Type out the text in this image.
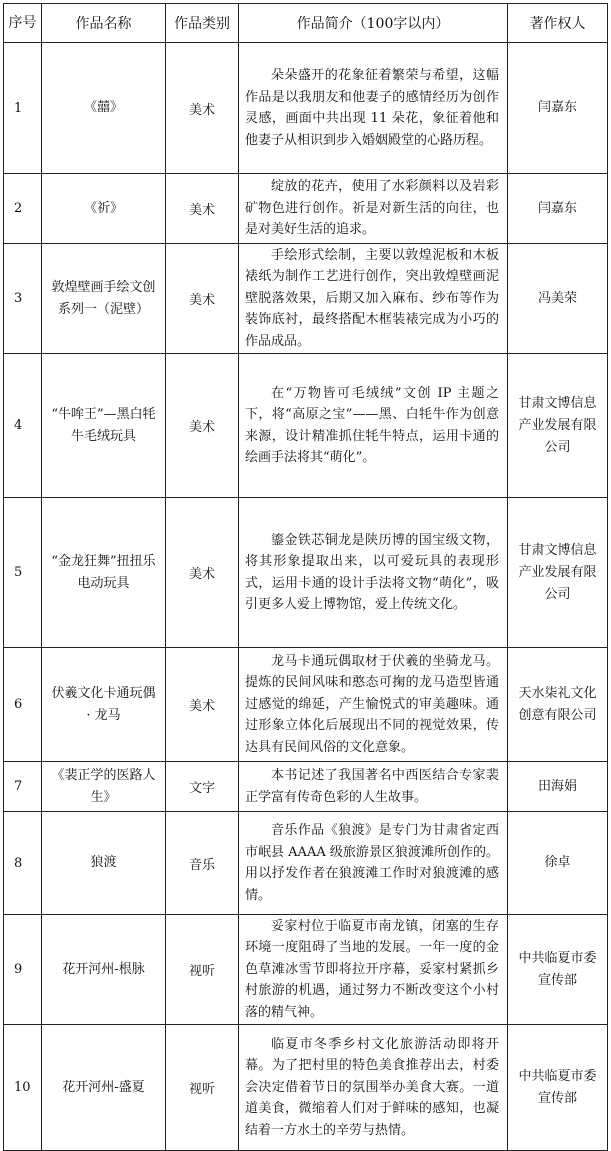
序号	作品名称	作品类别	作品简介（100字以内）	著作权人
1	《囍》	美术	朵朵盛开的花象征着繁荣与希望，这幅作品是以我朋友和他妻子的感情经历为创作灵感，画面中共出现 11 朵花，象征着他和他妻子从相识到步入婚姻殿堂的心路历程。	闫嘉东
2	《祈》	美术	绽放的花卉，使用了水彩颜料以及岩彩矿物色进行创作。祈是对新生活的向往，也是对美好生活的追求。	闫嘉东
3	敦煌壁画手绘文创系列一（泥壁）	美术	手绘形式绘制，主要以敦煌泥板和木板裱纸为制作工艺进行创作，突出敦煌壁画泥壁脱落效果，后期又加入麻布、纱布等作为装饰底衬，最终搭配木框装裱完成为小巧的作品成品。	冯美荣
4	“牛哞王”—黑白牦牛毛绒玩具	美术	在“万物皆可毛绒绒”文创 IP 主题之下，将“高原之宝”——黑、白牦牛作为创意来源，设计精准抓住牦牛特点，运用卡通的绘画手法将其“萌化”。	甘肃文博信息产业发展有限公司
5	“金龙狂舞”扭扭乐电动玩具	美术	鎏金铁芯铜龙是陕历博的国宝级文物，将其形象提取出来，以可爱玩具的表现形式，运用卡通的设计手法将文物“萌化”，吸引更多人爱上博物馆，爱上传统文化。	甘肃文博信息产业发展有限公司
6	伏羲文化卡通玩偶 · 龙马	美术	龙马卡通玩偶取材于伏羲的坐骑龙马。提炼的民间风味和憨态可掬的龙马造型皆通过感觉的绵延，产生愉悦式的审美趣味。通过形象立体化后展现出不同的视觉效果，传达具有民间风俗的文化意象。	天水柒礼文化创意有限公司
7	《裴正学的医路人生》	文字	本书记述了我国著名中西医结合专家裴正学富有传奇色彩的人生故事。	田海娟
8	狼渡	音乐	音乐作品《狼渡》是专门为甘肃省定西市岷县 AAAA 级旅游景区狼渡滩所创作的。用以抒发作者在狼渡滩工作时对狼渡滩的感情。	徐卓
9	花开河州-根脉	视听	妥家村位于临夏市南龙镇，闭塞的生存环境一度阻碍了当地的发展。一年一度的金色草滩冰雪节即将拉开序幕，妥家村紧抓乡村旅游的机遇，通过努力不断改变这个小村落的精气神。	中共临夏市委宣传部
10	花开河州-盛夏	视听	临夏市冬季乡村文化旅游活动即将开幕。为了把村里的特色美食推荐出去，村委会决定借着节日的氛围举办美食大赛。一道道美食，微缩着人们对于鲜味的感知，也凝结着一方水土的辛劳与热情。	中共临夏市委宣传部
